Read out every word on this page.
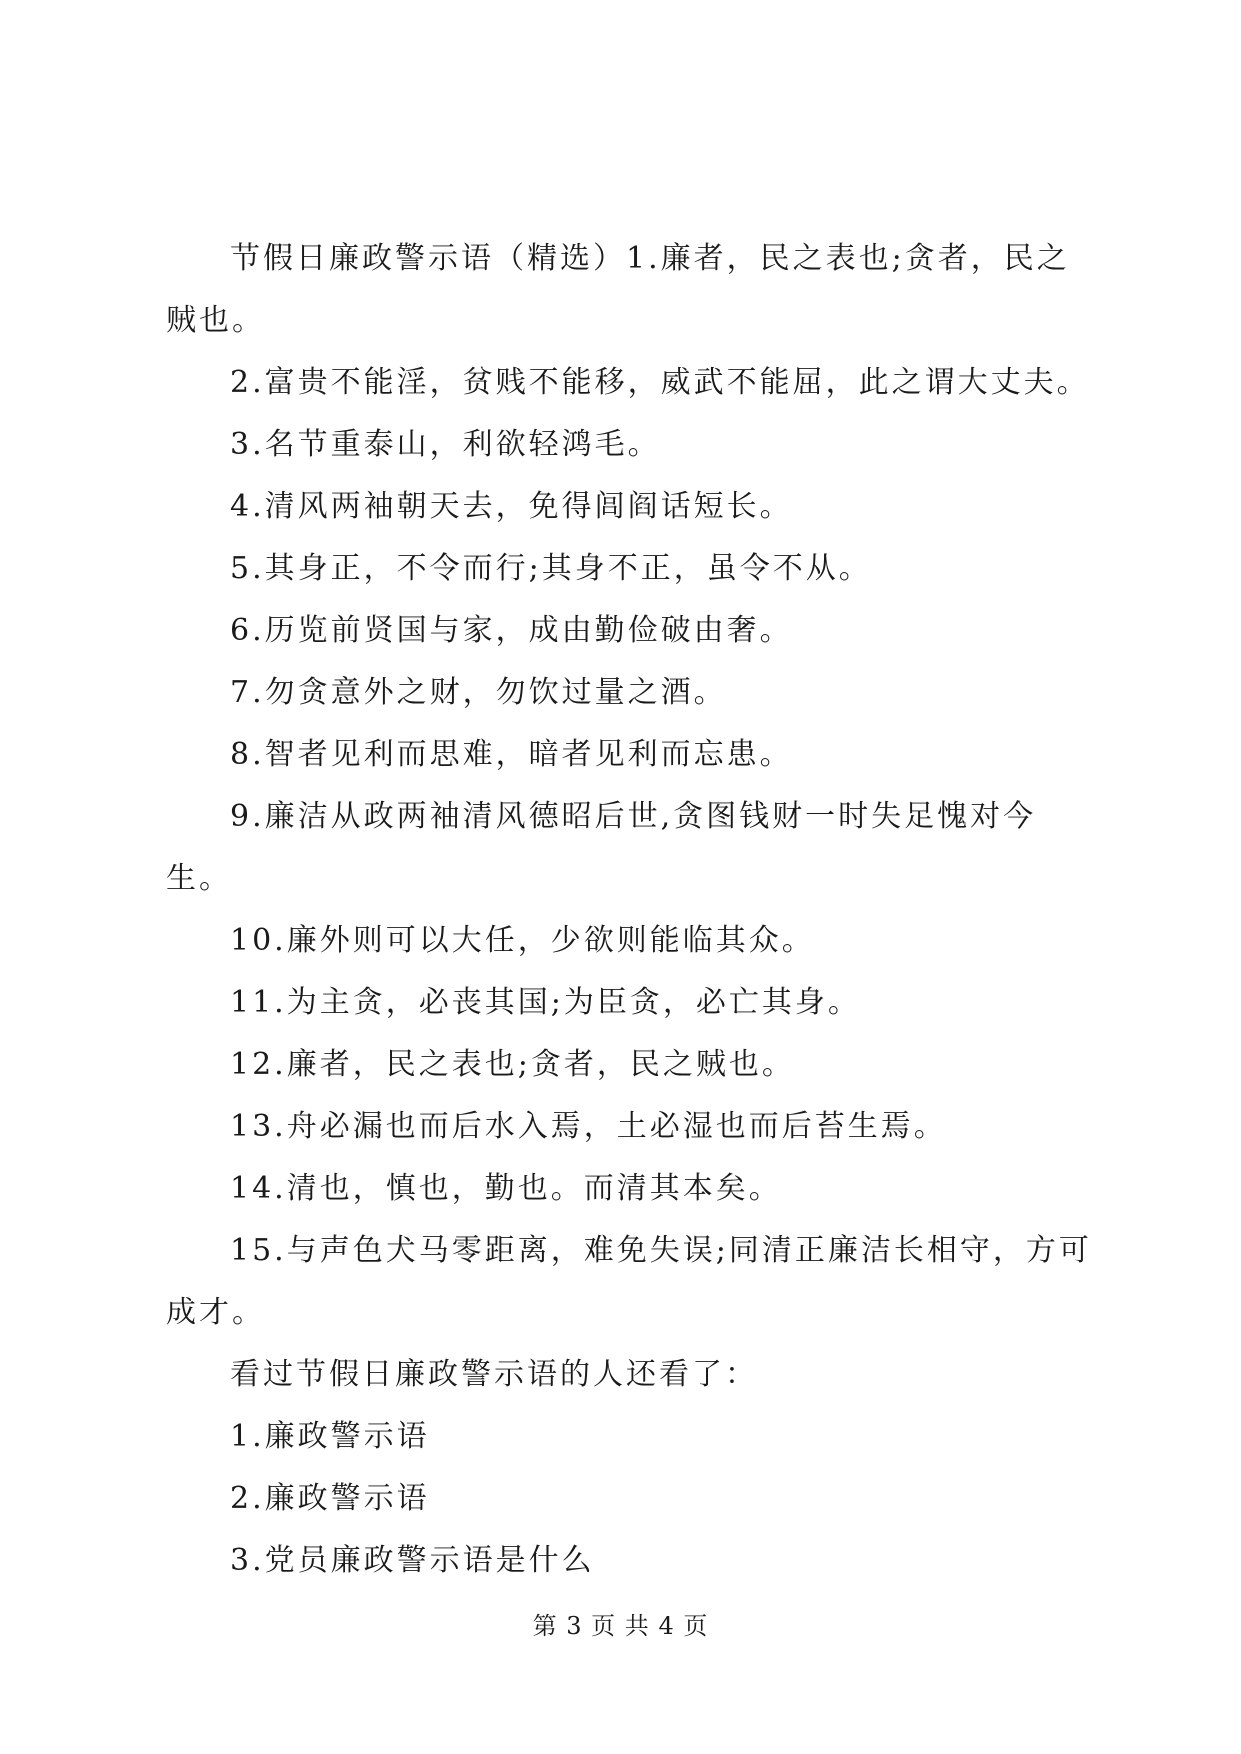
节假日廉政警示语（精选）1.廉者，民之表也;贪者，民之贼也。

2.富贵不能淫，贫贱不能移，威武不能屈，此之谓大丈夫。

3.名节重泰山，利欲轻鸿毛。

4.清风两袖朝天去，免得闾阎话短长。

5.其身正，不令而行;其身不正，虽令不从。

6.历览前贤国与家，成由勤俭破由奢。

7.勿贪意外之财，勿饮过量之酒。

8.智者见利而思难，暗者见利而忘患。

9.廉洁从政两袖清风德昭后世,贪图钱财一时失足愧对今生。

10.廉外则可以大任，少欲则能临其众。

11.为主贪，必丧其国;为臣贪，必亡其身。

12.廉者，民之表也;贪者，民之贼也。

13.舟必漏也而后水入焉，土必湿也而后苔生焉。

14.清也，慎也，勤也。而清其本矣。

15.与声色犬马零距离，难免失误;同清正廉洁长相守，方可成才。

看过节假日廉政警示语的人还看了：

1.廉政警示语

2.廉政警示语

3.党员廉政警示语是什么

第 3 页 共 4 页
